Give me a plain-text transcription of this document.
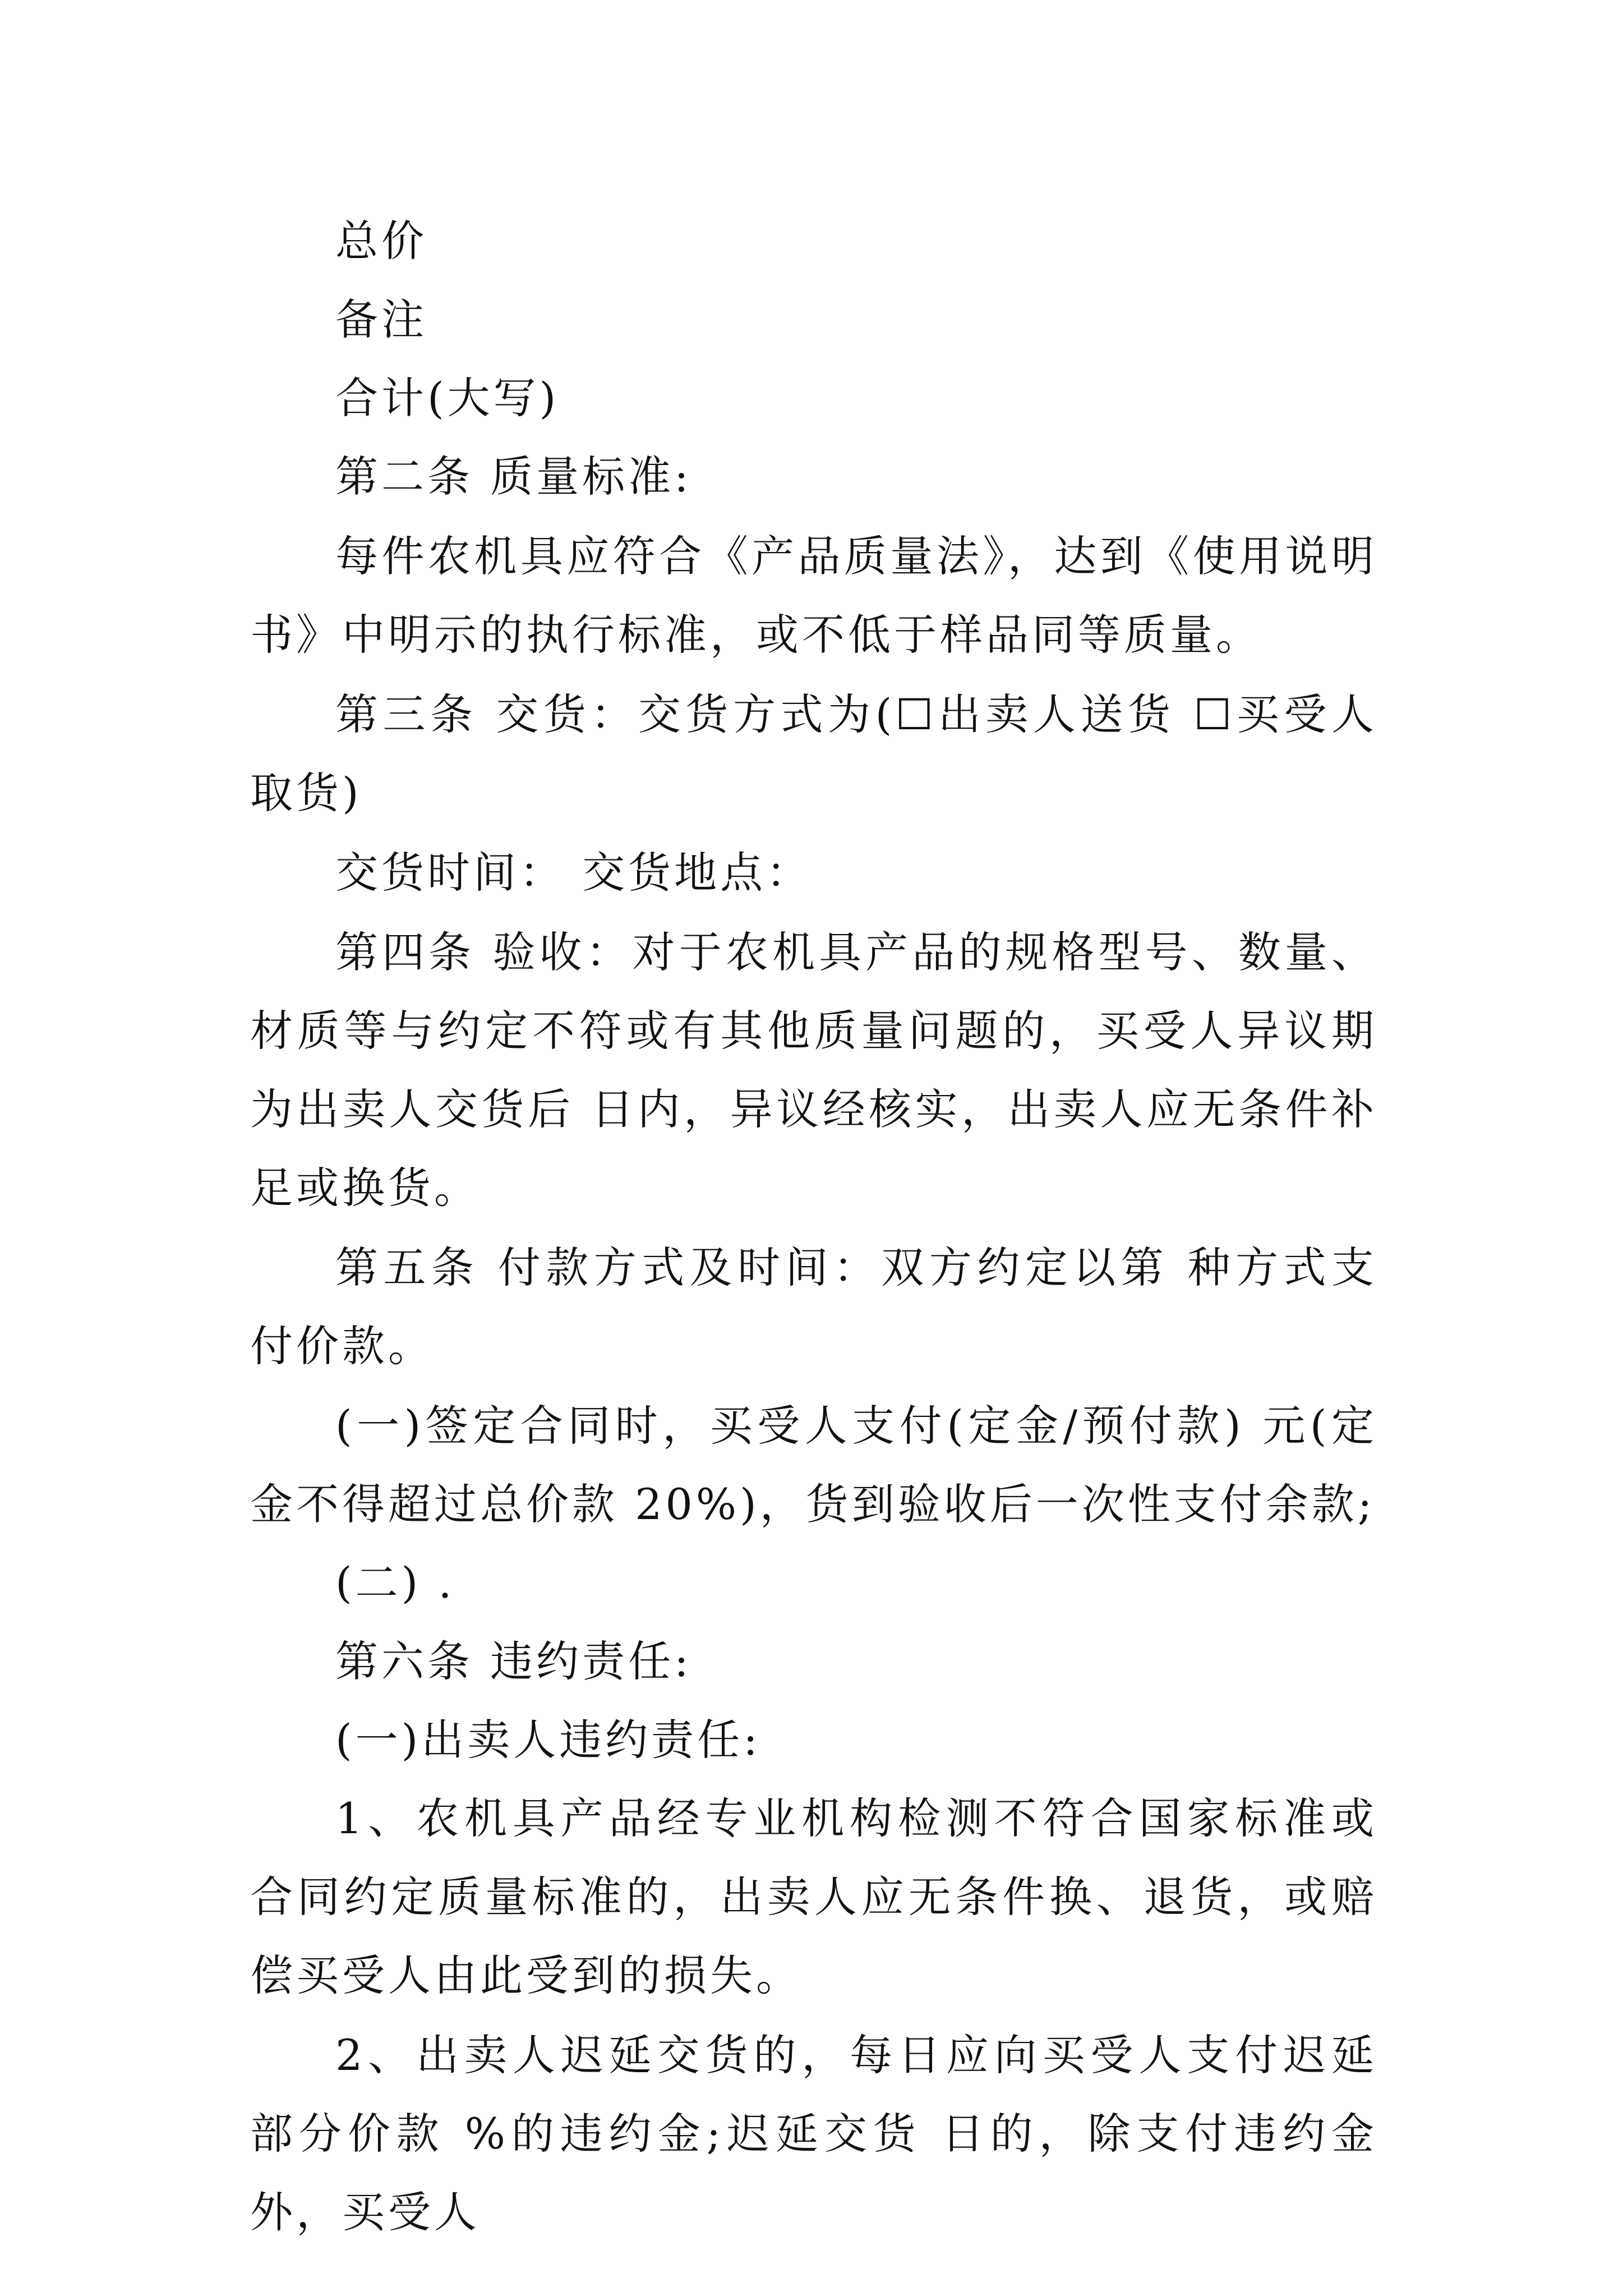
总价

备注

合计(大写)

第二条 质量标准:

每件农机具应符合《产品质量法》，达到《使用说明书》中明示的执行标准，或不低于样品同等质量。

第三条 交货：交货方式为(☐出卖人送货 ☐买受人取货)

交货时间： 交货地点：

第四条 验收：对于农机具产品的规格型号、数量、材质等与约定不符或有其他质量问题的，买受人异议期为出卖人交货后 日内，异议经核实，出卖人应无条件补足或换货。

第五条 付款方式及时间：双方约定以第 种方式支付价款。

(一)签定合同时，买受人支付(定金/预付款) 元(定金不得超过总价款 20%)，货到验收后一次性支付余款;

(二) .

第六条 违约责任:

(一)出卖人违约责任:

1、农机具产品经专业机构检测不符合国家标准或合同约定质量标准的，出卖人应无条件换、退货，或赔偿买受人由此受到的损失。

2、出卖人迟延交货的，每日应向买受人支付迟延部分价款 %的违约金;迟延交货 日的，除支付违约金外，买受人
